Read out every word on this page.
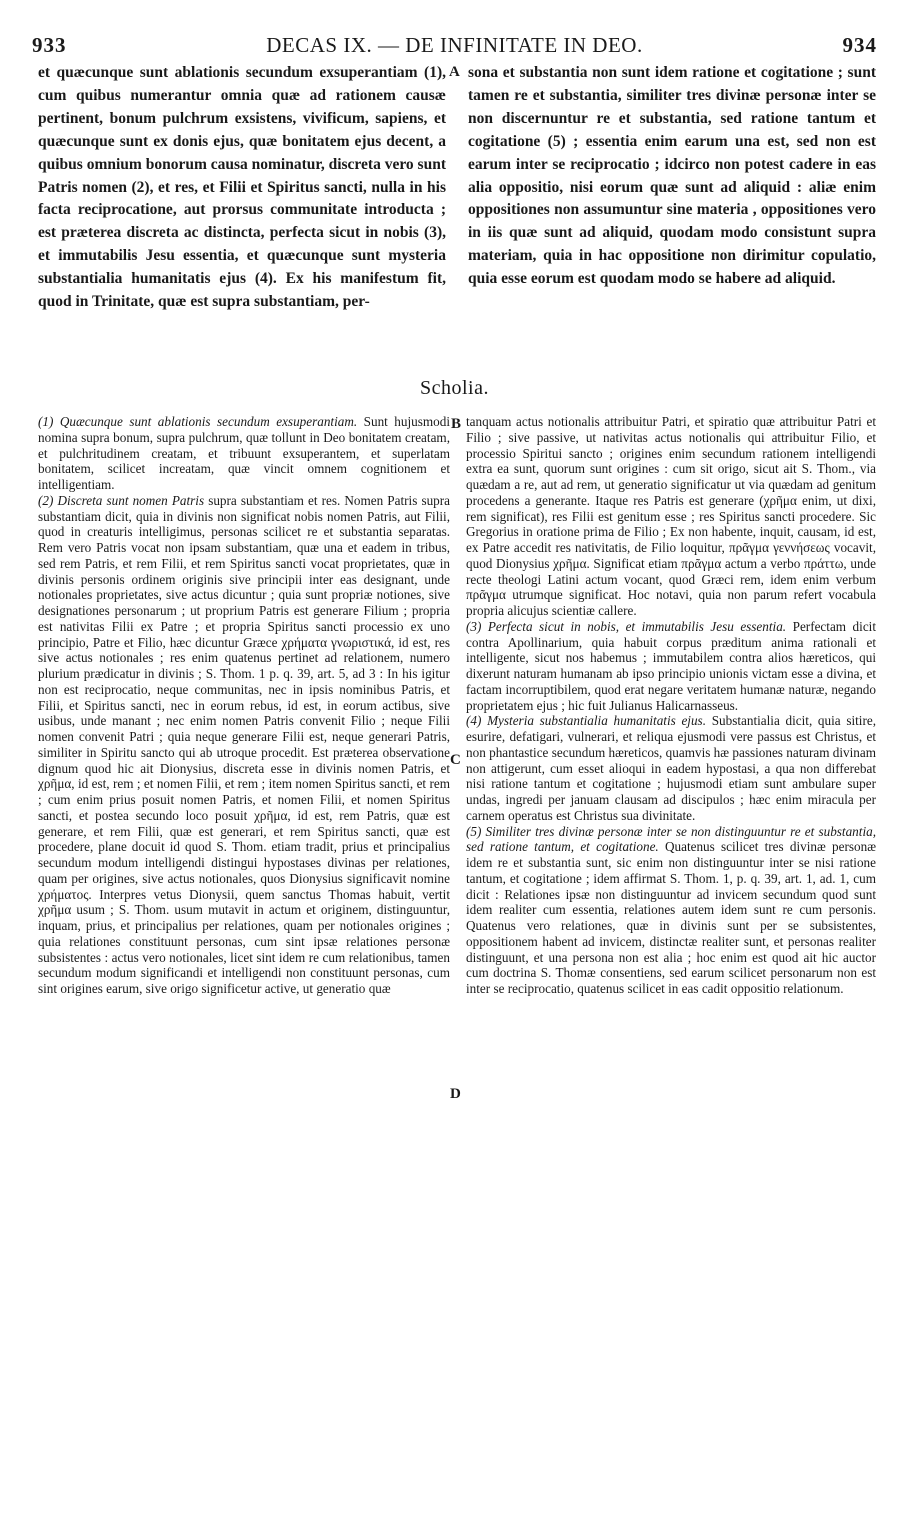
933	DECAS IX. — DE INFINITATE IN DEO.	934

et quæcunque sunt ablationis secundum exsuperantiam (1), cum quibus numerantur omnia quæ ad rationem causæ pertinent, bonum pulchrum exsistens, vivificum, sapiens, et quæcunque sunt ex donis ejus, quæ bonitatem ejus decent, a quibus omnium bonorum causa nominatur, discreta vero sunt Patris nomen (2), et res, et Filii et Spiritus sancti, nulla in his facta reciprocatione, aut prorsus communitate introducta ; est præterea discreta ac distincta, perfecta sicut in nobis (3), et immutabilis Jesu essentia, et quæcunque sunt mysteria substantialia humanitatis ejus (4). Ex his manifestum fit, quod in Trinitate, quæ est supra substantiam, per-

sona et substantia non sunt idem ratione et cogitatione ; sunt tamen re et substantia, similiter tres divinæ personæ inter se non discernuntur re et substantia, sed ratione tantum et cogitatione (5) ; essentia enim earum una est, sed non est earum inter se reciprocatio ; idcirco non potest cadere in eas alia oppositio, nisi eorum quæ sunt ad aliquid : aliæ enim oppositiones non assumuntur sine materia , oppositiones vero in iis quæ sunt ad aliquid, quodam modo consistunt supra materiam, quia in hac oppositione non dirimitur copulatio, quia esse eorum est quodam modo se habere ad aliquid.

A
Scholia.

(1) Quæcunque sunt ablationis secundum exsuperantiam. Sunt hujusmodi nomina supra bonum, supra pulchrum, quæ tollunt in Deo bonitatem creatam, et pulchritudinem creatam, et tribuunt exsuperantem, et superlatam bonitatem, scilicet increatam, quæ vincit omnem cognitionem et intelligentiam.

(2) Discreta sunt nomen Patris supra substantiam et res. Nomen Patris supra substantiam dicit, quia in divinis non significat nobis nomen Patris, aut Filii, quod in creaturis intelligimus, personas scilicet re et substantia separatas. Rem vero Patris vocat non ipsam substantiam, quæ una et eadem in tribus, sed rem Patris, et rem Filii, et rem Spiritus sancti vocat proprietates, quæ in divinis personis ordinem originis sive principii inter eas designant, unde notionales proprietates, sive actus dicuntur ; quia sunt propriæ notiones, sive designationes personarum ; ut proprium Patris est generare Filium ; propria est nativitas Filii ex Patre ; et propria Spiritus sancti processio ex uno principio, Patre et Filio, hæc dicuntur Græce χρήματα γνωριστικά, id est, res sive actus notionales ; res enim quatenus pertinet ad relationem, numero plurium prædicatur in divinis ; S. Thom. 1 p. q. 39, art. 5, ad 3 : In his igitur non est reciprocatio, neque communitas, nec in ipsis nominibus Patris, et Filii, et Spiritus sancti, nec in eorum rebus, id est, in eorum actibus, sive usibus, unde manant ; nec enim nomen Patris convenit Filio ; neque Filii nomen convenit Patri ; quia neque generare Filii est, neque generari Patris, similiter in Spiritu sancto qui ab utroque procedit. Est præterea observatione dignum quod hic ait Dionysius, discreta esse in divinis nomen Patris, et χρῆμα, id est, rem ; et nomen Filii, et rem ; item nomen Spiritus sancti, et rem ; cum enim prius posuit nomen Patris, et nomen Filii, et nomen Spiritus sancti, et postea secundo loco posuit χρῆμα, id est, rem Patris, quæ est generare, et rem Filii, quæ est generari, et rem Spiritus sancti, quæ est procedere, plane docuit id quod S. Thom. etiam tradit, prius et principalius secundum modum intelligendi distingui hypostases divinas per relationes, quam per origines, sive actus notionales, quos Dionysius significavit nomine χρήματος. Interpres vetus Dionysii, quem sanctus Thomas habuit, vertit χρῆμα usum ; S. Thom. usum mutavit in actum et originem, distinguuntur, inquam, prius, et principalius per relationes, quam per notionales origines ; quia relationes constituunt personas, cum sint ipsæ relationes personæ subsistentes : actus vero notionales, licet sint idem re cum relationibus, tamen secundum modum significandi et intelligendi non constituunt personas, cum sint origines earum, sive origo significetur active, ut generatio quæ

B
C
D

tanquam actus notionalis attribuitur Patri, et spiratio quæ attribuitur Patri et Filio ; sive passive, ut nativitas actus notionalis qui attribuitur Filio, et processio Spiritui sancto ; origines enim secundum rationem intelligendi extra ea sunt, quorum sunt origines : cum sit origo, sicut ait S. Thom., via quædam a re, aut ad rem, ut generatio significatur ut via quædam ad genitum procedens a generante. Itaque res Patris est generare (χρῆμα enim, ut dixi, rem significat), res Filii est genitum esse ; res Spiritus sancti procedere. Sic Gregorius in oratione prima de Filio ; Ex non habente, inquit, causam, id est, ex Patre accedit res nativitatis, de Filio loquitur, πρᾶγμα γεννήσεως vocavit, quod Dionysius χρῆμα. Significat etiam πρᾶγμα actum a verbo πράττω, unde recte theologi Latini actum vocant, quod Græci rem, idem enim verbum πρᾶγμα utrumque significat. Hoc notavi, quia non parum refert vocabula propria alicujus scientiæ callere.

(3) Perfecta sicut in nobis, et immutabilis Jesu essentia. Perfectam dicit contra Apollinarium, quia habuit corpus præditum anima rationali et intelligente, sicut nos habemus ; immutabilem contra alios hæreticos, qui dixerunt naturam humanam ab ipso principio unionis victam esse a divina, et factam incorruptibilem, quod erat negare veritatem humanæ naturæ, negando proprietatem ejus ; hic fuit Julianus Halicarnasseus.

(4) Mysteria substantialia humanitatis ejus. Substantialia dicit, quia sitire, esurire, defatigari, vulnerari, et reliqua ejusmodi vere passus est Christus, et non phantastice secundum hæreticos, quamvis hæ passiones naturam divinam non attigerunt, cum esset alioqui in eadem hypostasi, a qua non differebat nisi ratione tantum et cogitatione ; hujusmodi etiam sunt ambulare super undas, ingredi per januam clausam ad discipulos ; hæc enim miracula per carnem operatus est Christus sua divinitate.

(5) Similiter tres divinæ personæ inter se non distinguuntur re et substantia, sed ratione tantum, et cogitatione. Quatenus scilicet tres divinæ personæ idem re et substantia sunt, sic enim non distinguuntur inter se nisi ratione tantum, et cogitatione ; idem affirmat S. Thom. 1, p. q. 39, art. 1, ad. 1, cum dicit : Relationes ipsæ non distinguuntur ad invicem secundum quod sunt idem realiter cum essentia, relationes autem idem sunt re cum personis. Quatenus vero relationes, quæ in divinis sunt per se subsistentes, oppositionem habent ad invicem, distinctæ realiter sunt, et personas realiter distinguunt, et una persona non est alia ; hoc enim est quod ait hic auctor cum doctrina S. Thomæ consentiens, sed earum scilicet personarum non est inter se reciprocatio, quatenus scilicet in eas cadit oppositio relationum.
